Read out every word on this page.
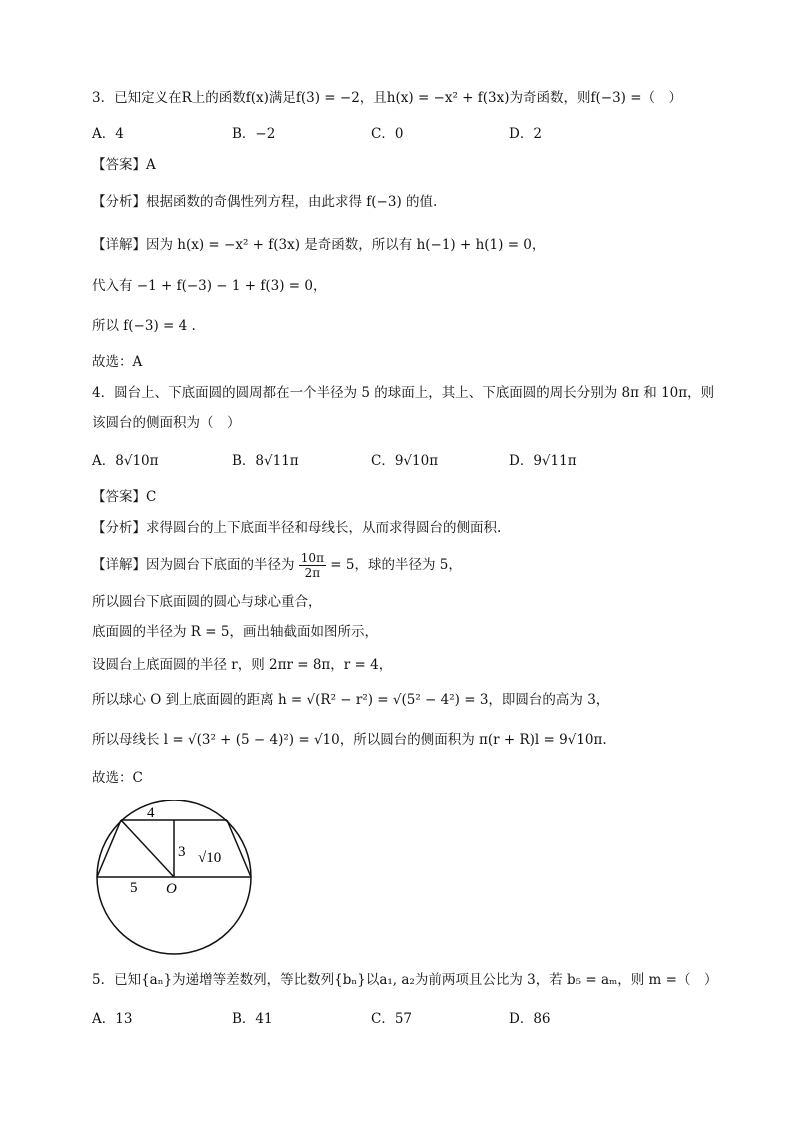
3．已知定义在R上的函数f(x)满足f(3) = −2，且h(x) = −x² + f(3x)为奇函数，则f(−3) =（　）
A．4	B．−2	C．0	D．2
【答案】A
【分析】根据函数的奇偶性列方程，由此求得 f(−3) 的值.
【详解】因为 h(x) = −x² + f(3x) 是奇函数，所以有 h(−1) + h(1) = 0，
代入有 −1 + f(−3) − 1 + f(3) = 0，
所以 f(−3) = 4 .
故选：A
4．圆台上、下底面圆的圆周都在一个半径为 5 的球面上，其上、下底面圆的周长分别为 8π 和 10π，则
该圆台的侧面积为（　）
A．8√10π	B．8√11π	C．9√10π	D．9√11π
【答案】C
【分析】求得圆台的上下底面半径和母线长，从而求得圆台的侧面积.
【详解】因为圆台下底面的半径为 $\frac{10\pi}{2\pi} = 5$，球的半径为 5，
所以圆台下底面圆的圆心与球心重合，
底面圆的半径为 R = 5，画出轴截面如图所示，
设圆台上底面圆的半径 r，则 2πr = 8π，r = 4，
所以球心 O 到上底面圆的距离 h = √(R² − r²) = √(5² − 4²) = 3，即圆台的高为 3，
所以母线长 l = √(3² + (5 − 4)²) = √10，所以圆台的侧面积为 π(r + R)l = 9√10π.
故选：C
4
3 √10
5 O
5．已知{aₙ}为递增等差数列，等比数列{bₙ}以a₁, a₂为前两项且公比为 3，若 b₅ = aₘ，则 m =（　）
A．13	B．41	C．57	D．86
